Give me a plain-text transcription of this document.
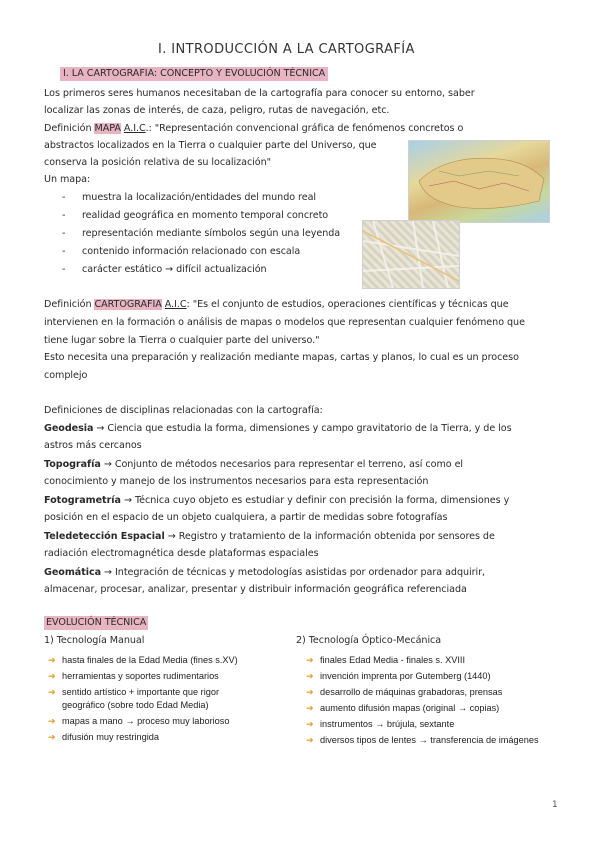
I. INTRODUCCIÓN A LA CARTOGRAFÍA
I. LA CARTOGRAFIA: CONCEPTO Y EVOLUCIÓN TÉCNICA
Los primeros seres humanos necesitaban de la cartografía para conocer su entorno, saber
localizar las zonas de interés, de caza, peligro, rutas de navegación, etc.
Definición MAPA A.I.C.: "Representación convencional gráfica de fenómenos concretos o
abstractos localizados en la Tierra o cualquier parte del Universo, que
conserva la posición relativa de su localización"
Un mapa:
- muestra la localización/entidades del mundo real
- realidad geográfica en momento temporal concreto
- representación mediante símbolos según una leyenda
- contenido información relacionado con escala
- carácter estático → difícil actualización
Definición CARTOGRAFIA A.I.C: "Es el conjunto de estudios, operaciones científicas y técnicas que
intervienen en la formación o análisis de mapas o modelos que representan cualquier fenómeno que
tiene lugar sobre la Tierra o cualquier parte del universo."
Esto necesita una preparación y realización mediante mapas, cartas y planos, lo cual es un proceso
complejo
Definiciones de disciplinas relacionadas con la cartografía:
Geodesia → Ciencia que estudia la forma, dimensiones y campo gravitatorio de la Tierra, y de los
astros más cercanos
Topografía → Conjunto de métodos necesarios para representar el terreno, así como el
conocimiento y manejo de los instrumentos necesarios para esta representación
Fotogrametría → Técnica cuyo objeto es estudiar y definir con precisión la forma, dimensiones y
posición en el espacio de un objeto cualquiera, a partir de medidas sobre fotografías
Teledetección Espacial → Registro y tratamiento de la información obtenida por sensores de
radiación electromagnética desde plataformas espaciales
Geomática → Integración de técnicas y metodologías asistidas por ordenador para adquirir,
almacenar, procesar, analizar, presentar y distribuir información geográfica referenciada
EVOLUCIÓN TÉCNICA
1) Tecnología Manual	2) Tecnología Óptico-Mecánica
➔ hasta finales de la Edad Media (fines s.XV)
➔ herramientas y soportes rudimentarios
➔ sentido artístico + importante que rigor
geográfico (sobre todo Edad Media)
➔ mapas a mano → proceso muy laborioso
➔ difusión muy restringida
➔ finales Edad Media - finales s. XVIII
➔ invención imprenta por Gutemberg (1440)
➔ desarrollo de máquinas grabadoras, prensas
➔ aumento difusión mapas (original → copias)
➔ instrumentos → brújula, sextante
➔ diversos tipos de lentes → transferencia de imágenes
1
